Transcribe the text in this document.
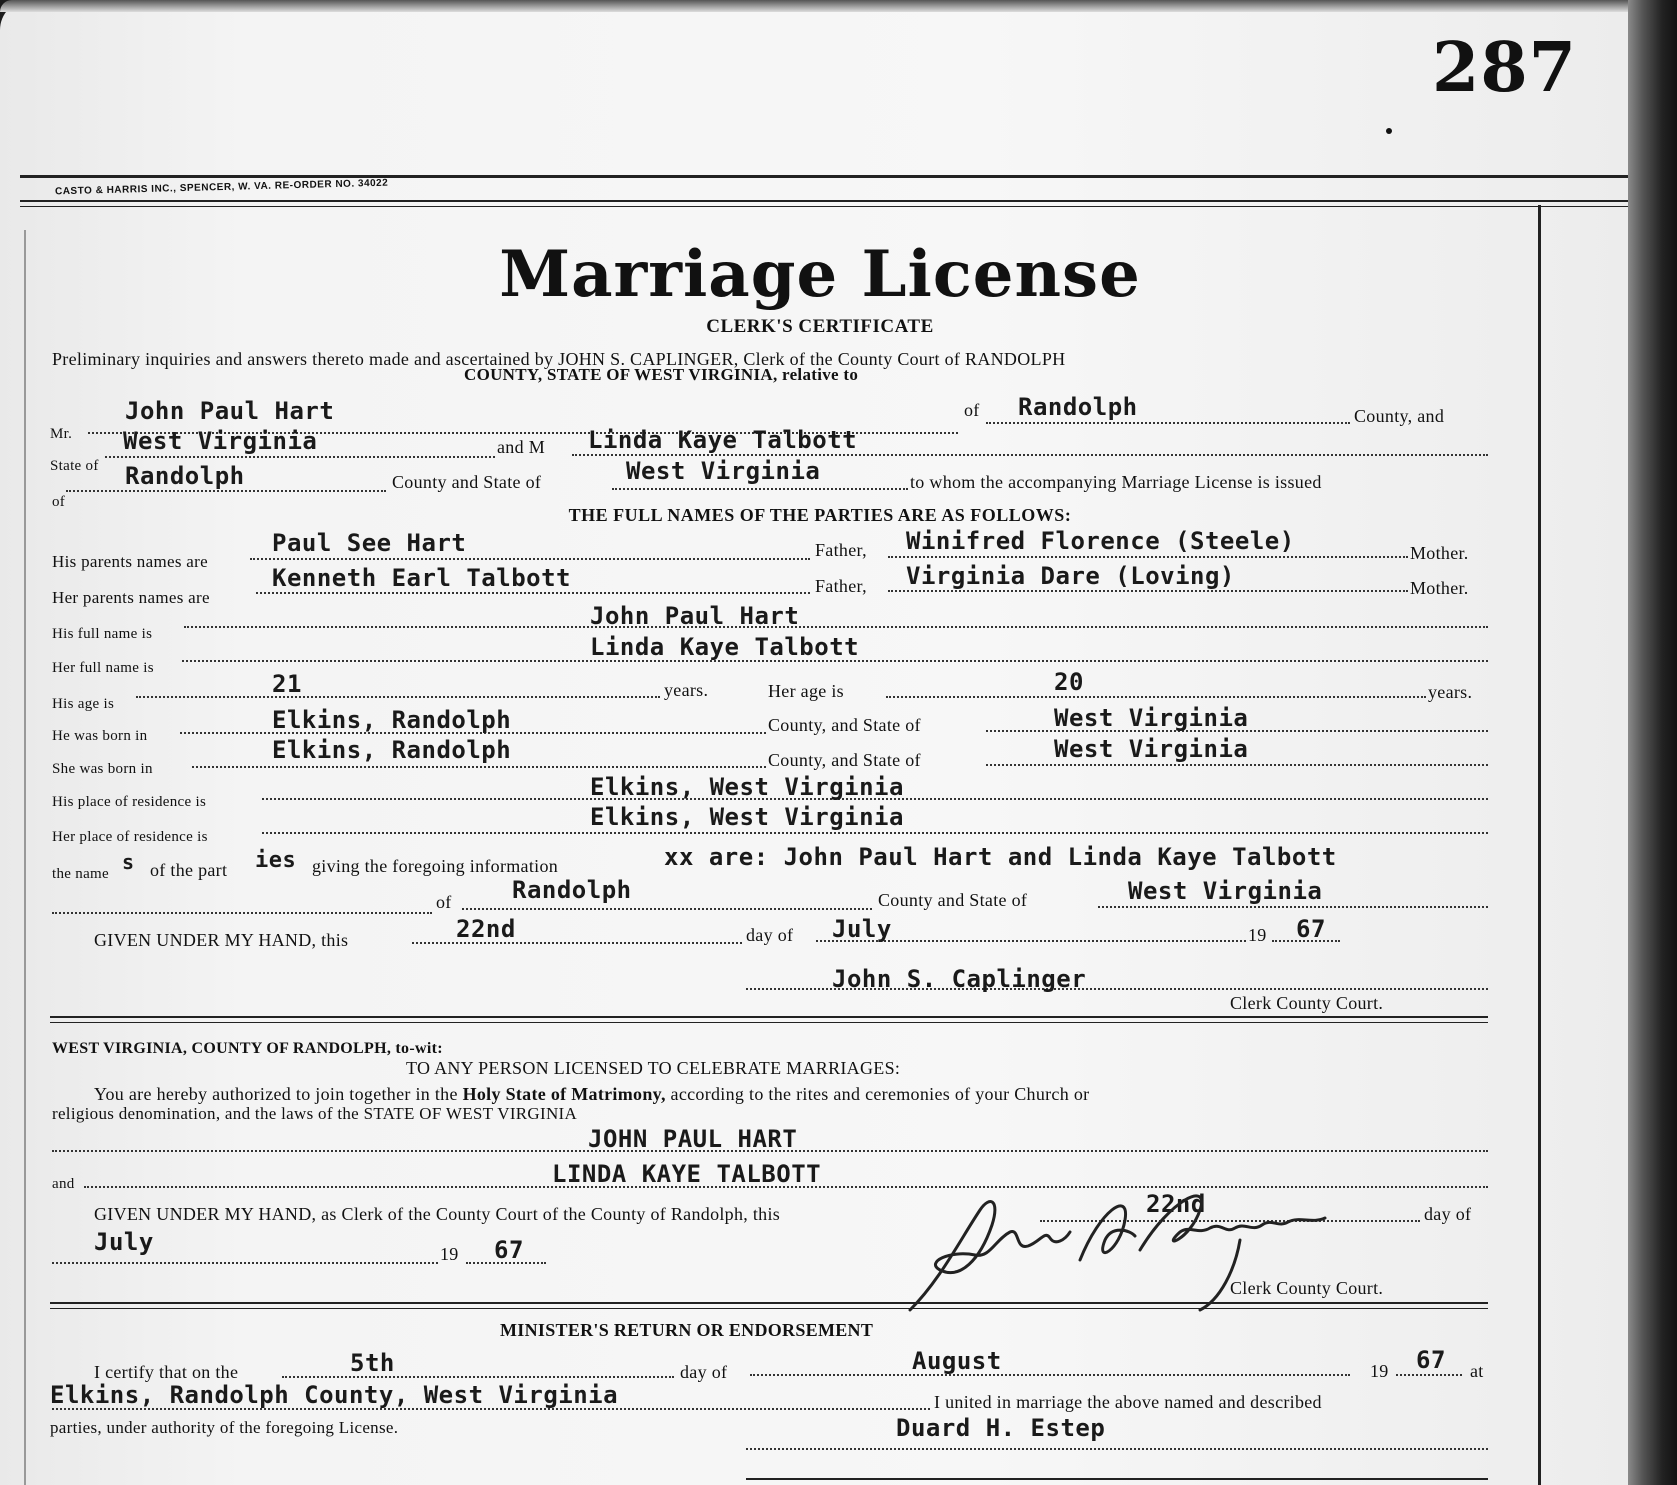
287
CASTO & HARRIS INC., SPENCER, W. VA. RE-ORDER NO. 34022
Marriage License
CLERK'S CERTIFICATE
Preliminary inquiries and answers thereto made and ascertained by JOHN S. CAPLINGER, Clerk of the County Court of RANDOLPH
COUNTY, STATE OF WEST VIRGINIA, relative to
Mr.
John Paul Hart	of Randolph	County, and
State of
West Virginia	and M Linda Kaye Talbott
of
Randolph	County and State of	West Virginia	to whom the accompanying Marriage License is issued
THE FULL NAMES OF THE PARTIES ARE AS FOLLOWS:
His parents names are
Paul See Hart	Father, Winifred Florence (Steele)	Mother.
Her parents names are
Kenneth Earl Talbott	Father, Virginia Dare (Loving)	Mother.
His full name is
John Paul Hart
Her full name is
Linda Kaye Talbott
His age is
21	years.	Her age is	20	years.
He was born in
Elkins, Randolph	County, and State of	West Virginia
She was born in
Elkins, Randolph	County, and State of	West Virginia
His place of residence is
Elkins, West Virginia
Her place of residence is
Elkins, West Virginia
the name s of the part ies giving the foregoing information	xx are: John Paul Hart and Linda Kaye Talbott
of	Randolph	County and State of	West Virginia
GIVEN UNDER MY HAND, this	22nd	day of July	19 67
John S. Caplinger
Clerk County Court.
WEST VIRGINIA, COUNTY OF RANDOLPH, to-wit:
TO ANY PERSON LICENSED TO CELEBRATE MARRIAGES:
You are hereby authorized to join together in the Holy State of Matrimony, according to the rites and ceremonies of your Church or
religious denomination, and the laws of the STATE OF WEST VIRGINIA
JOHN PAUL HART
and	LINDA KAYE TALBOTT
GIVEN UNDER MY HAND, as Clerk of the County Court of the County of Randolph, this	22nd	day of
July	19 67
Clerk County Court.
MINISTER'S RETURN OR ENDORSEMENT
I certify that on the	5th	day of	August	19 67 at
Elkins, Randolph County, West Virginia	I united in marriage the above named and described
parties, under authority of the foregoing License.	Duard H. Estep
